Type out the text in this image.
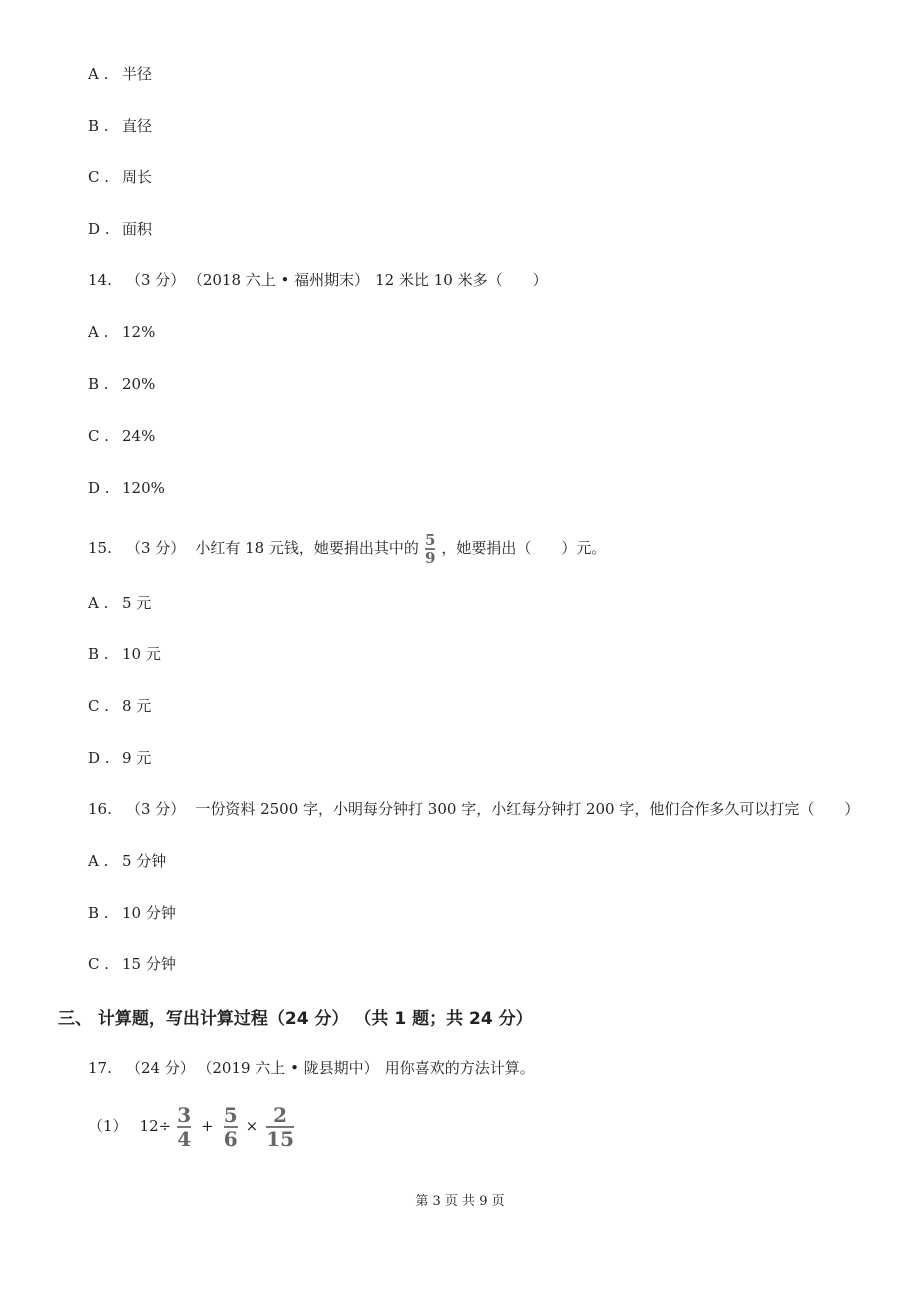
A . 半径
B . 直径
C . 周长
D . 面积
14. （3 分） （2018 六上 • 福州期末） 12 米比 10 米多（　　）
A . 12%
B . 20%
C . 24%
D . 120%
15. （3 分） 小红有 18 元钱，她要捐出其中的 $\frac{5}{9}$ ，她要捐出（　　）元。
A . 5 元
B . 10 元
C . 8 元
D . 9 元
16. （3 分） 一份资料 2500 字，小明每分钟打 300 字，小红每分钟打 200 字，他们合作多久可以打完（　　）
A . 5 分钟
B . 10 分钟
C . 15 分钟
三、 计算题，写出计算过程（24 分） （共 1 题；共 24 分）
17. （24 分） （2019 六上 • 陇县期中） 用你喜欢的方法计算。
（1） $12\div \frac{3}{4} + \frac{5}{6} \times \frac{2}{15}$
第 3 页 共 9 页
